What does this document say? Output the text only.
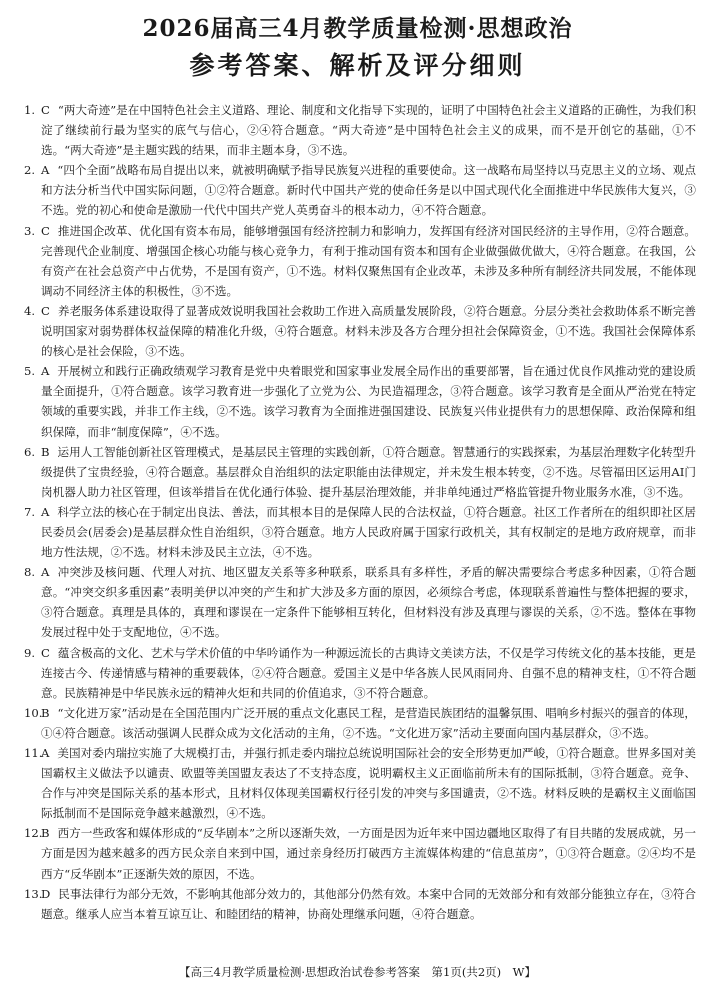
2026届高三4月教学质量检测·思想政治
参考答案、解析及评分细则

1. C “两大奇迹”是在中国特色社会主义道路、理论、制度和文化指导下实现的，证明了中国特色社会主义道路的正确性，为我们积淀了继续前行最为坚实的底气与信心，②④符合题意。“两大奇迹”是中国特色社会主义的成果，而不是开创它的基础，①不选。“两大奇迹”是主题实践的结果，而非主题本身，③不选。

2. A “四个全面”战略布局自提出以来，就被明确赋予指导民族复兴进程的重要使命。这一战略布局坚持以马克思主义的立场、观点和方法分析当代中国实际问题，①②符合题意。新时代中国共产党的使命任务是以中国式现代化全面推进中华民族伟大复兴，③不选。党的初心和使命是激励一代代中国共产党人英勇奋斗的根本动力，④不符合题意。

3. C 推进国企改革、优化国有资本布局，能够增强国有经济控制力和影响力，发挥国有经济对国民经济的主导作用，②符合题意。完善现代企业制度、增强国企核心功能与核心竞争力，有利于推动国有资本和国有企业做强做优做大，④符合题意。在我国，公有资产在社会总资产中占优势，不是国有资产，①不选。材料仅聚焦国有企业改革，未涉及多种所有制经济共同发展，不能体现调动不同经济主体的积极性，③不选。

4. C 养老服务体系建设取得了显著成效说明我国社会救助工作进入高质量发展阶段，②符合题意。分层分类社会救助体系不断完善说明国家对弱势群体权益保障的精准化升级，④符合题意。材料未涉及各方合理分担社会保障资金，①不选。我国社会保障体系的核心是社会保险，③不选。

5. A 开展树立和践行正确政绩观学习教育是党中央着眼党和国家事业发展全局作出的重要部署，旨在通过优良作风推动党的建设质量全面提升，①符合题意。该学习教育进一步强化了立党为公、为民造福理念，③符合题意。该学习教育是全面从严治党在特定领域的重要实践，并非工作主线，②不选。该学习教育为全面推进强国建设、民族复兴伟业提供有力的思想保障、政治保障和组织保障，而非“制度保障”，④不选。

6. B 运用人工智能创新社区管理模式，是基层民主管理的实践创新，①符合题意。智慧通行的实践探索，为基层治理数字化转型升级提供了宝贵经验，④符合题意。基层群众自治组织的法定职能由法律规定，并未发生根本转变，②不选。尽管福田区运用AI门岗机器人助力社区管理，但该举措旨在优化通行体验、提升基层治理效能，并非单纯通过严格监管提升物业服务水准，③不选。

7. A 科学立法的核心在于制定出良法、善法，而其根本目的是保障人民的合法权益，①符合题意。社区工作者所在的组织即社区居民委员会(居委会)是基层群众性自治组织，③符合题意。地方人民政府属于国家行政机关，其有权制定的是地方政府规章，而非地方性法规，②不选。材料未涉及民主立法，④不选。

8. A 冲突涉及核问题、代理人对抗、地区盟友关系等多种联系，联系具有多样性，矛盾的解决需要综合考虑多种因素，①符合题意。“冲突交织多重因素”表明美伊以冲突的产生和扩大涉及多方面的原因，必须综合考虑，体现联系普遍性与整体把握的要求，③符合题意。真理是具体的，真理和谬误在一定条件下能够相互转化，但材料没有涉及真理与谬误的关系，②不选。整体在事物发展过程中处于支配地位，④不选。

9. C 蕴含极高的文化、艺术与学术价值的中华吟诵作为一种源远流长的古典诗文美读方法，不仅是学习传统文化的基本技能，更是连接古今、传递情感与精神的重要载体，②④符合题意。爱国主义是中华各族人民风雨同舟、自强不息的精神支柱，①不符合题意。民族精神是中华民族永远的精神火炬和共同的价值追求，③不符合题意。

10.
B “文化进万家”活动是在全国范围内广泛开展的重点文化惠民工程，是营造民族团结的温馨氛围、唱响乡村振兴的强音的体现，①④符合题意。该活动强调人民群众成为文化活动的主角，②不选。“文化进万家”活动主要面向国内基层群众，③不选。

11.
A 美国对委内瑞拉实施了大规模打击，并强行抓走委内瑞拉总统说明国际社会的安全形势更加严峻，①符合题意。世界多国对美国霸权主义做法予以谴责、欧盟等美国盟友表达了不支持态度，说明霸权主义正面临前所未有的国际抵制，③符合题意。竞争、合作与冲突是国际关系的基本形式，且材料仅体现美国霸权行径引发的冲突与多国谴责，②不选。材料反映的是霸权主义面临国际抵制而不是国际竞争越来越激烈，④不选。

12.
B 西方一些政客和媒体形成的“反华剧本”之所以逐渐失效，一方面是因为近年来中国边疆地区取得了有目共睹的发展成就，另一方面是因为越来越多的西方民众亲自来到中国，通过亲身经历打破西方主流媒体构建的“信息茧房”，①③符合题意。②④均不是西方“反华剧本”正逐渐失效的原因，不选。

13.
D 民事法律行为部分无效，不影响其他部分效力的，其他部分仍然有效。本案中合同的无效部分和有效部分能独立存在，③符合题意。继承人应当本着互谅互让、和睦团结的精神，协商处理继承问题，④符合题意。

【高三4月教学质量检测·思想政治试卷参考答案　第1页(共2页)　W】
